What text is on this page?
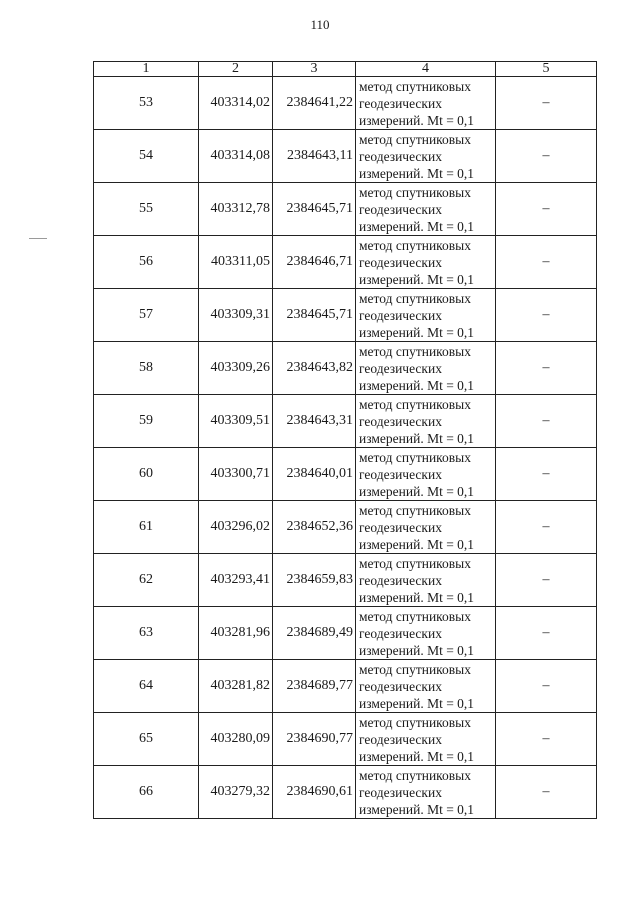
110
1	2	3	4	5
53	403314,02	2384641,22	метод спутниковых
геодезических
измерений. Mt = 0,1	–
54	403314,08	2384643,11	метод спутниковых
геодезических
измерений. Mt = 0,1	–
55	403312,78	2384645,71	метод спутниковых
геодезических
измерений. Mt = 0,1	–
56	403311,05	2384646,71	метод спутниковых
геодезических
измерений. Mt = 0,1	–
57	403309,31	2384645,71	метод спутниковых
геодезических
измерений. Mt = 0,1	–
58	403309,26	2384643,82	метод спутниковых
геодезических
измерений. Mt = 0,1	–
59	403309,51	2384643,31	метод спутниковых
геодезических
измерений. Mt = 0,1	–
60	403300,71	2384640,01	метод спутниковых
геодезических
измерений. Mt = 0,1	–
61	403296,02	2384652,36	метод спутниковых
геодезических
измерений. Mt = 0,1	–
62	403293,41	2384659,83	метод спутниковых
геодезических
измерений. Mt = 0,1	–
63	403281,96	2384689,49	метод спутниковых
геодезических
измерений. Mt = 0,1	–
64	403281,82	2384689,77	метод спутниковых
геодезических
измерений. Mt = 0,1	–
65	403280,09	2384690,77	метод спутниковых
геодезических
измерений. Mt = 0,1	–
66	403279,32	2384690,61	метод спутниковых
геодезических
измерений. Mt = 0,1	–
